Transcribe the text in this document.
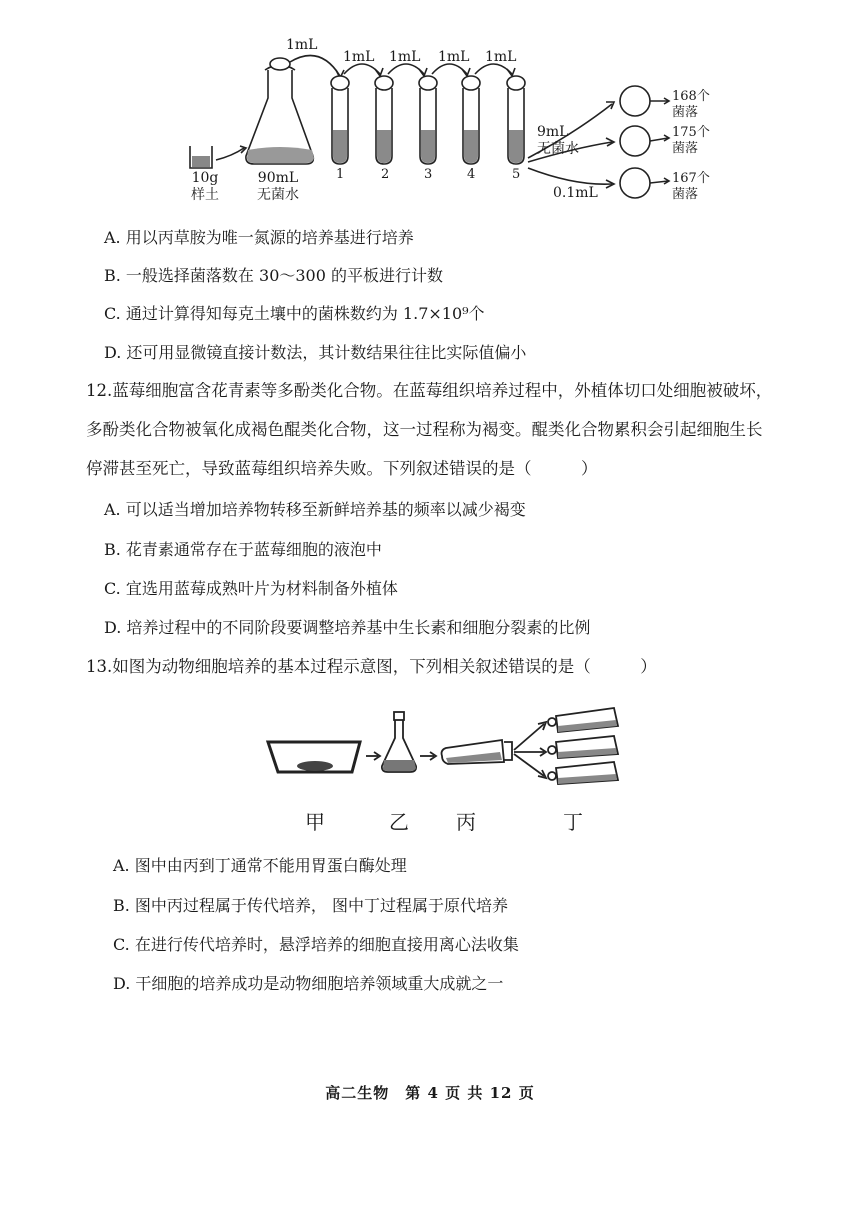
1mL
1mL 1mL 1mL 1mL
1	2	3	4	5
10g
样土
90mL
无菌水
9mL
无菌水
0.1mL
168个
菌落
175个
菌落
167个
菌落
A. 用以丙草胺为唯一氮源的培养基进行培养
B. 一般选择菌落数在 30～300 的平板进行计数
C. 通过计算得知每克土壤中的菌株数约为 1.7×10⁹个
D. 还可用显微镜直接计数法，其计数结果往往比实际值偏小
12.蓝莓细胞富含花青素等多酚类化合物。在蓝莓组织培养过程中，外植体切口处细胞被破坏，
多酚类化合物被氧化成褐色醌类化合物，这一过程称为褐变。醌类化合物累积会引起细胞生长
停滞甚至死亡，导致蓝莓组织培养失败。下列叙述错误的是（　　　）
A. 可以适当增加培养物转移至新鲜培养基的频率以减少褐变
B. 花青素通常存在于蓝莓细胞的液泡中
C. 宜选用蓝莓成熟叶片为材料制备外植体
D. 培养过程中的不同阶段要调整培养基中生长素和细胞分裂素的比例
13.如图为动物细胞培养的基本过程示意图，下列相关叙述错误的是（　　　）
甲	乙 丙	丁
A. 图中由丙到丁通常不能用胃蛋白酶处理
B. 图中丙过程属于传代培养， 图中丁过程属于原代培养
C. 在进行传代培养时，悬浮培养的细胞直接用离心法收集
D. 干细胞的培养成功是动物细胞培养领域重大成就之一
高二生物　第 4 页 共 12 页
